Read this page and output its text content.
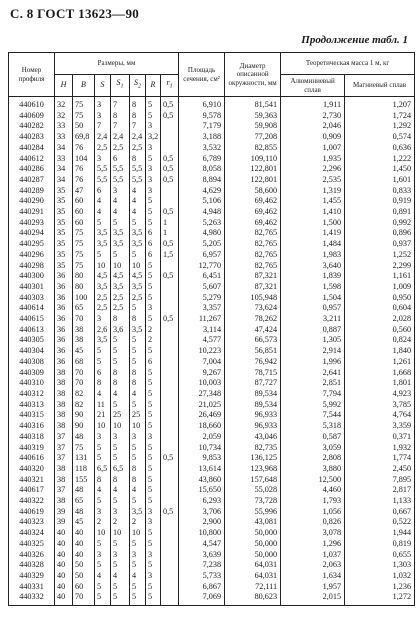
С. 8 ГОСТ 13623—90
Продолжение табл. 1
Номер профиля	Размеры, мм							Площадь сечения, см²	Диаметр описанной окружности, мм	Теоретическая масса 1 м, кг	
	H	B	S	$S_1$	$S_2$	R	$r_1$			Алюминиевый сплав	Магниевый сплав
440610	32	75	3	7	8	5	0,5	6,910	81,541	1,911	1,207
440609	32	75	3	8	8	5	0,5	9,578	59,363	2,730	1,724
440282	33	50	7	7	7	3		7,179	59,908	2,046	1,292
440283	33	69,8	2,4	2,4	2,4	3,2		3,188	77,208	0,909	0,574
440284	34	76	2,5	2,5	2,5	3		3,532	82,855	1,007	0,636
440612	33	104	3	6	8	5	0,5	6,789	109,110	1,935	1,222
440286	34	76	5,5	5,5	5,5	3	0,5	8,058	122,801	2,296	1,450
440287	34	76	5,5	5,5	5,5	3	0,5	8,894	122,801	2,535	1,601
440289	35	47	6	3	4	3		4,629	58,600	1,319	0,833
440290	35	60	4	4	4	5		5,106	69,462	1,455	0,919
440291	35	60	4	4	4	5	0,5	4,948	69,462	1,410	0,891
440293	35	60	5	5	5	5	1	5,263	69,462	1,500	0,992
440294	35	75	3,5	3,5	3,5	6	1	4,980	82,765	1,419	0,896
440295	35	75	3,5	3,5	3,5	6	0,5	5,205	82,765	1,484	0,937
440296	35	75	5	5	5	6	1,5	6,957	82,765	1,983	1,252
440298	35	75	10	10	10	5		12,770	82,765	3,640	2,299
440300	36	80	4,5	4,5	4,5	5	0,5	6,451	87,321	1,839	1,161
440301	36	80	3,5	3,5	3,5	5		5,607	87,321	1,598	1,009
440303	36	100	2,5	2,5	2,5	5		5,279	105,948	1,504	0,950
440614	36	65	2,5	2,5	5	3		3,357	73,624	0,957	0,604
440615	36	70	3	8	8	5	0,5	11,267	78,262	3,211	2,028
440613	36	38	2,6	3,6	3,5	2		3,114	47,424	0,887	0,560
440305	36	38	3,5	5	5	2		4,577	66,573	1,305	0,824
440304	36	45	5	5	5	5		10,223	56,851	2,914	1,840
440308	36	68	5	5	5	6		7,004	76,942	1,996	1,261
440309	38	70	6	8	8	5		9,267	78,715	2,641	1,668
440310	38	70	8	8	8	5		10,003	87,727	2,851	1,801
440312	38	82	4	4	4	5		27,348	89,534	7,794	4,923
440313	38	82	11	5	5	5		21,025	89,534	5,992	3,785
440315	38	90	21	25	25	5		26,469	96,933	7,544	4,764
440316	38	90	10	10	10	5		18,660	96,933	5,318	3,359
440318	37	48	3	3	3	3		2,059	43,046	0,587	0,371
440319	37	75	5	5	5	5		10,734	82,735	3,059	1,932
440616	37	131	5	5	5	5	0,5	9,853	136,125	2,808	1,774
440320	38	118	6,5	6,5	8	5		13,614	123,968	3,880	2,450
440321	38	155	8	8	8	5		43,860	157,648	12,500	7,895
440617	37	48	4	4	4	5		15,650	55,028	4,460	2,817
440322	38	65	5	5	5	5		6,293	73,728	1,793	1,133
440619	39	48	3	3	3,5	3	0,5	3,706	55,996	1,056	0,667
440323	39	45	2	2	2	3		2,900	43,081	0,826	0,522
440324	40	40	10	10	10	5		10,800	50,000	3,078	1,944
440325	40	40	5	5	5	5		4,547	50,000	1,296	0,819
440326	40	40	3	3	3	3		3,639	50,000	1,037	0,655
440328	40	50	5	5	5	5		7,238	64,031	2,063	1,303
440329	40	50	4	4	4	3		5,733	64,031	1,634	1,032
440331	40	60	5	5	5	5		6,867	72,111	1,957	1,236
440332	40	70	5	5	5	5		7,069	80,623	2,015	1,272
